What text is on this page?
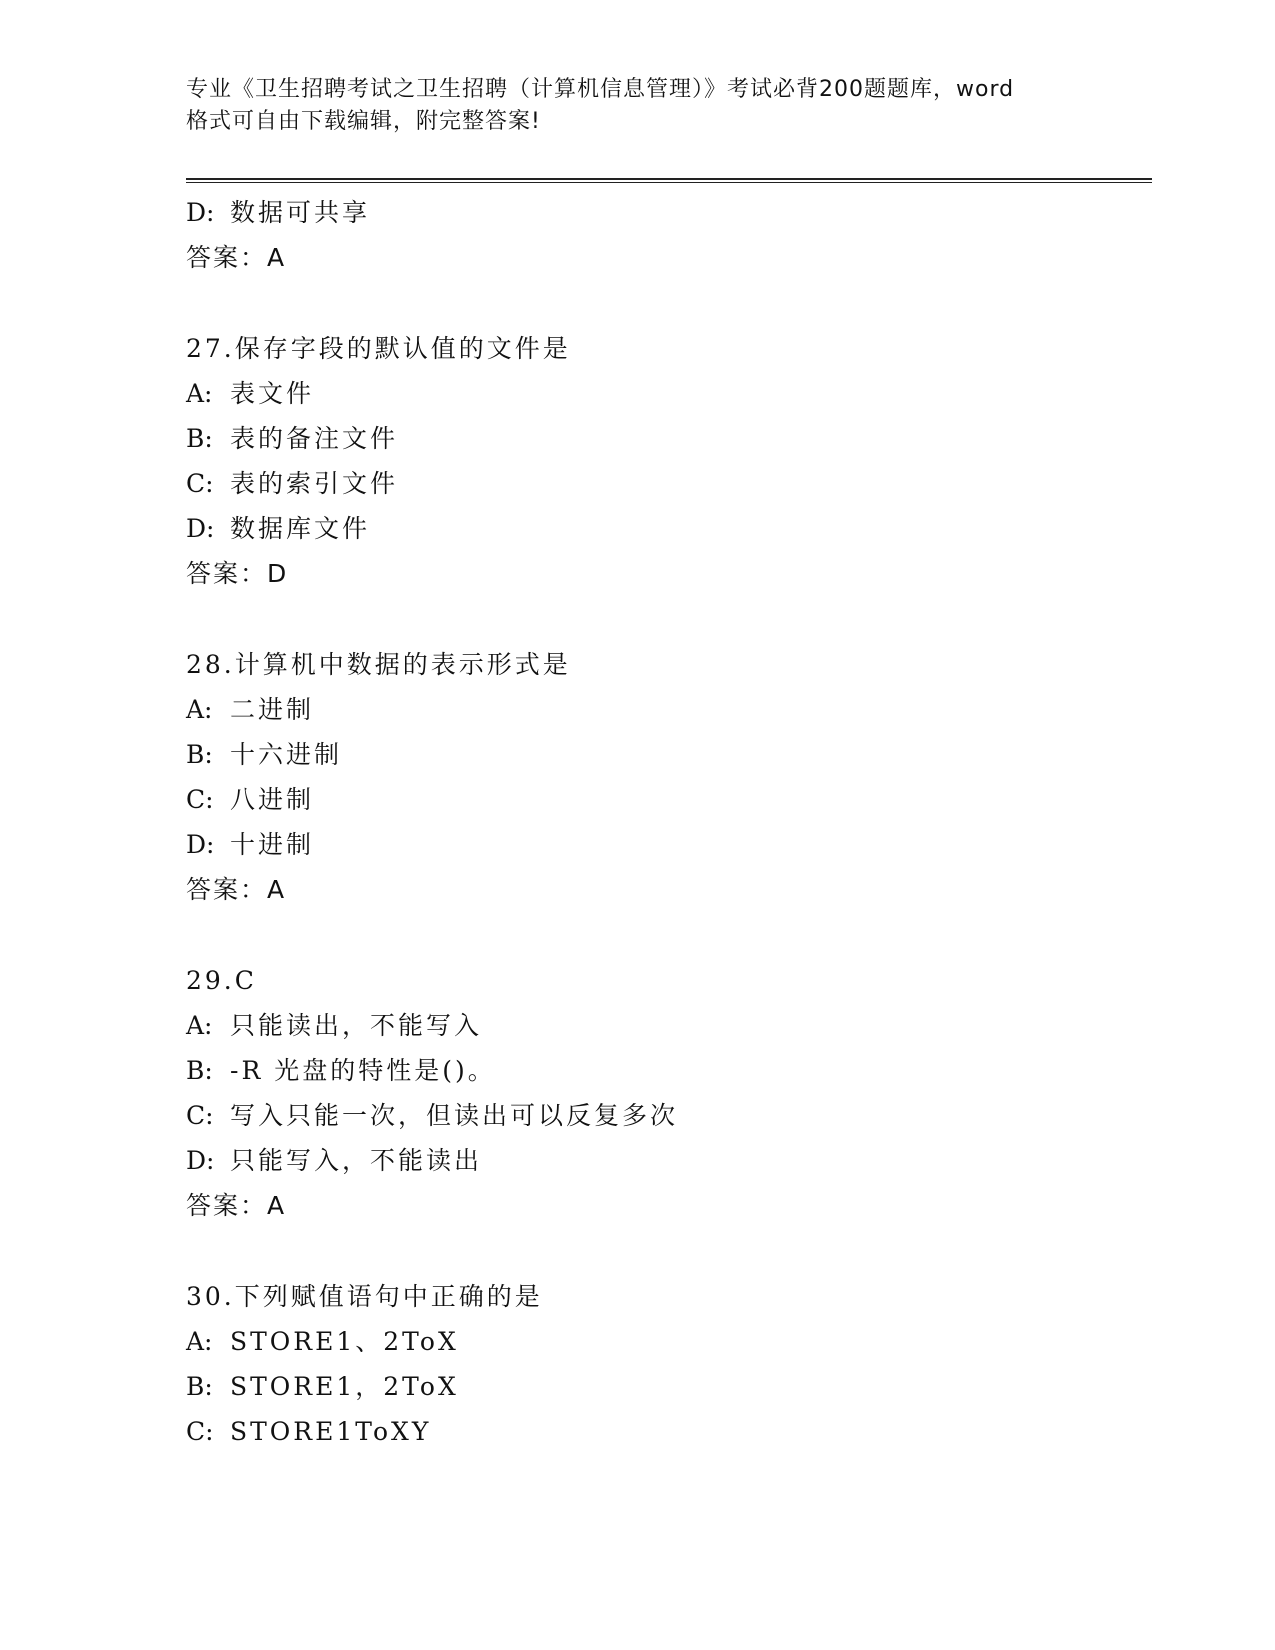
专业《卫生招聘考试之卫生招聘（计算机信息管理）》考试必背200题题库，word
格式可自由下载编辑，附完整答案!
D: 数据可共享
答案：A
27.保存字段的默认值的文件是
A: 表文件
B: 表的备注文件
C: 表的索引文件
D: 数据库文件
答案：D
28.计算机中数据的表示形式是
A: 二进制
B: 十六进制
C: 八进制
D: 十进制
答案：A
29.C
A: 只能读出，不能写入
B: -R 光盘的特性是()。
C: 写入只能一次，但读出可以反复多次
D: 只能写入，不能读出
答案：A
30.下列赋值语句中正确的是
A: STORE1、2ToX
B: STORE1，2ToX
C: STORE1ToXY
